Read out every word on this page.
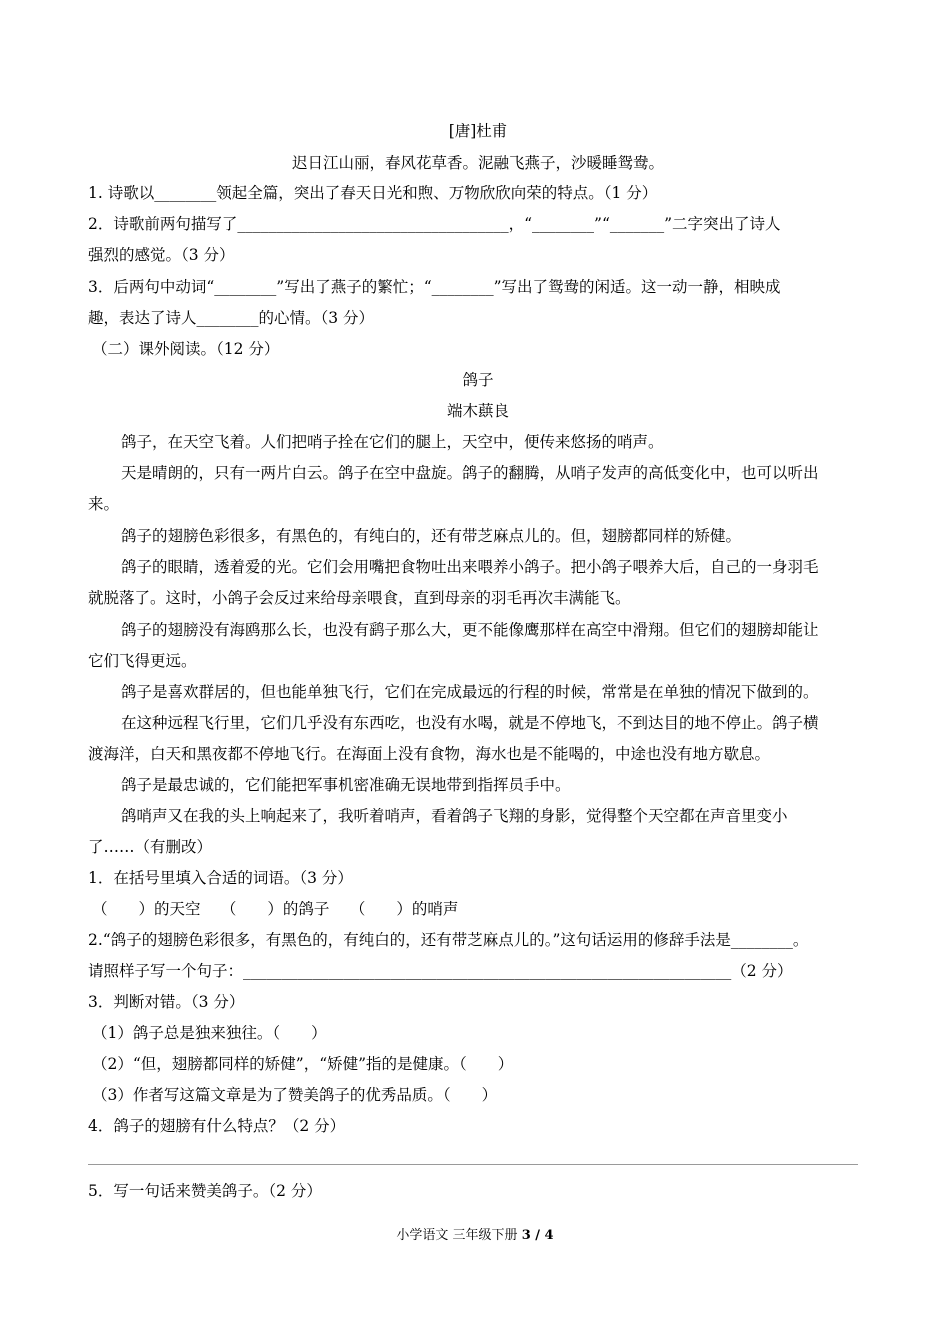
[唐]杜甫
迟日江山丽，春风花草香。泥融飞燕子，沙暖睡鸳鸯。
1. 诗歌以________领起全篇，突出了春天日光和煦、万物欣欣向荣的特点。（1 分）
2．诗歌前两句描写了___________________________________，“________”“_______”二字突出了诗人
强烈的感觉。（3 分）
3．后两句中动词“________”写出了燕子的繁忙；“________”写出了鸳鸯的闲适。这一动一静，相映成
趣，表达了诗人________的心情。（3 分）
（二）课外阅读。（12 分）
鸽子
端木蕻良
鸽子，在天空飞着。人们把哨子拴在它们的腿上，天空中，便传来悠扬的哨声。
天是晴朗的，只有一两片白云。鸽子在空中盘旋。鸽子的翻腾，从哨子发声的高低变化中，也可以听出
来。
鸽子的翅膀色彩很多，有黑色的，有纯白的，还有带芝麻点儿的。但，翅膀都同样的矫健。
鸽子的眼睛，透着爱的光。它们会用嘴把食物吐出来喂养小鸽子。把小鸽子喂养大后，自己的一身羽毛
就脱落了。这时，小鸽子会反过来给母亲喂食，直到母亲的羽毛再次丰满能飞。
鸽子的翅膀没有海鸥那么长，也没有鹞子那么大，更不能像鹰那样在高空中滑翔。但它们的翅膀却能让
它们飞得更远。
鸽子是喜欢群居的，但也能单独飞行，它们在完成最远的行程的时候，常常是在单独的情况下做到的。
在这种远程飞行里，它们几乎没有东西吃，也没有水喝，就是不停地飞，不到达目的地不停止。鸽子横
渡海洋，白天和黑夜都不停地飞行。在海面上没有食物，海水也是不能喝的，中途也没有地方歇息。
鸽子是最忠诚的，它们能把军事机密准确无误地带到指挥员手中。
鸽哨声又在我的头上响起来了，我听着哨声，看着鸽子飞翔的身影，觉得整个天空都在声音里变小
了……（有删改）
1．在括号里填入合适的词语。（3 分）
（　　）的天空　 （　　）的鸽子　 （　　）的哨声
2.“鸽子的翅膀色彩很多，有黑色的，有纯白的，还有带芝麻点儿的。”这句话运用的修辞手法是________。
请照样子写一个句子：_______________________________________________________________（2 分）
3．判断对错。（3 分）
（1）鸽子总是独来独往。（　　）
（2）“但，翅膀都同样的矫健”，“矫健”指的是健康。（　　）
（3）作者写这篇文章是为了赞美鸽子的优秀品质。（　　）
4．鸽子的翅膀有什么特点？（2 分）
5．写一句话来赞美鸽子。（2 分）
小学语文 三年级下册 3 / 4
